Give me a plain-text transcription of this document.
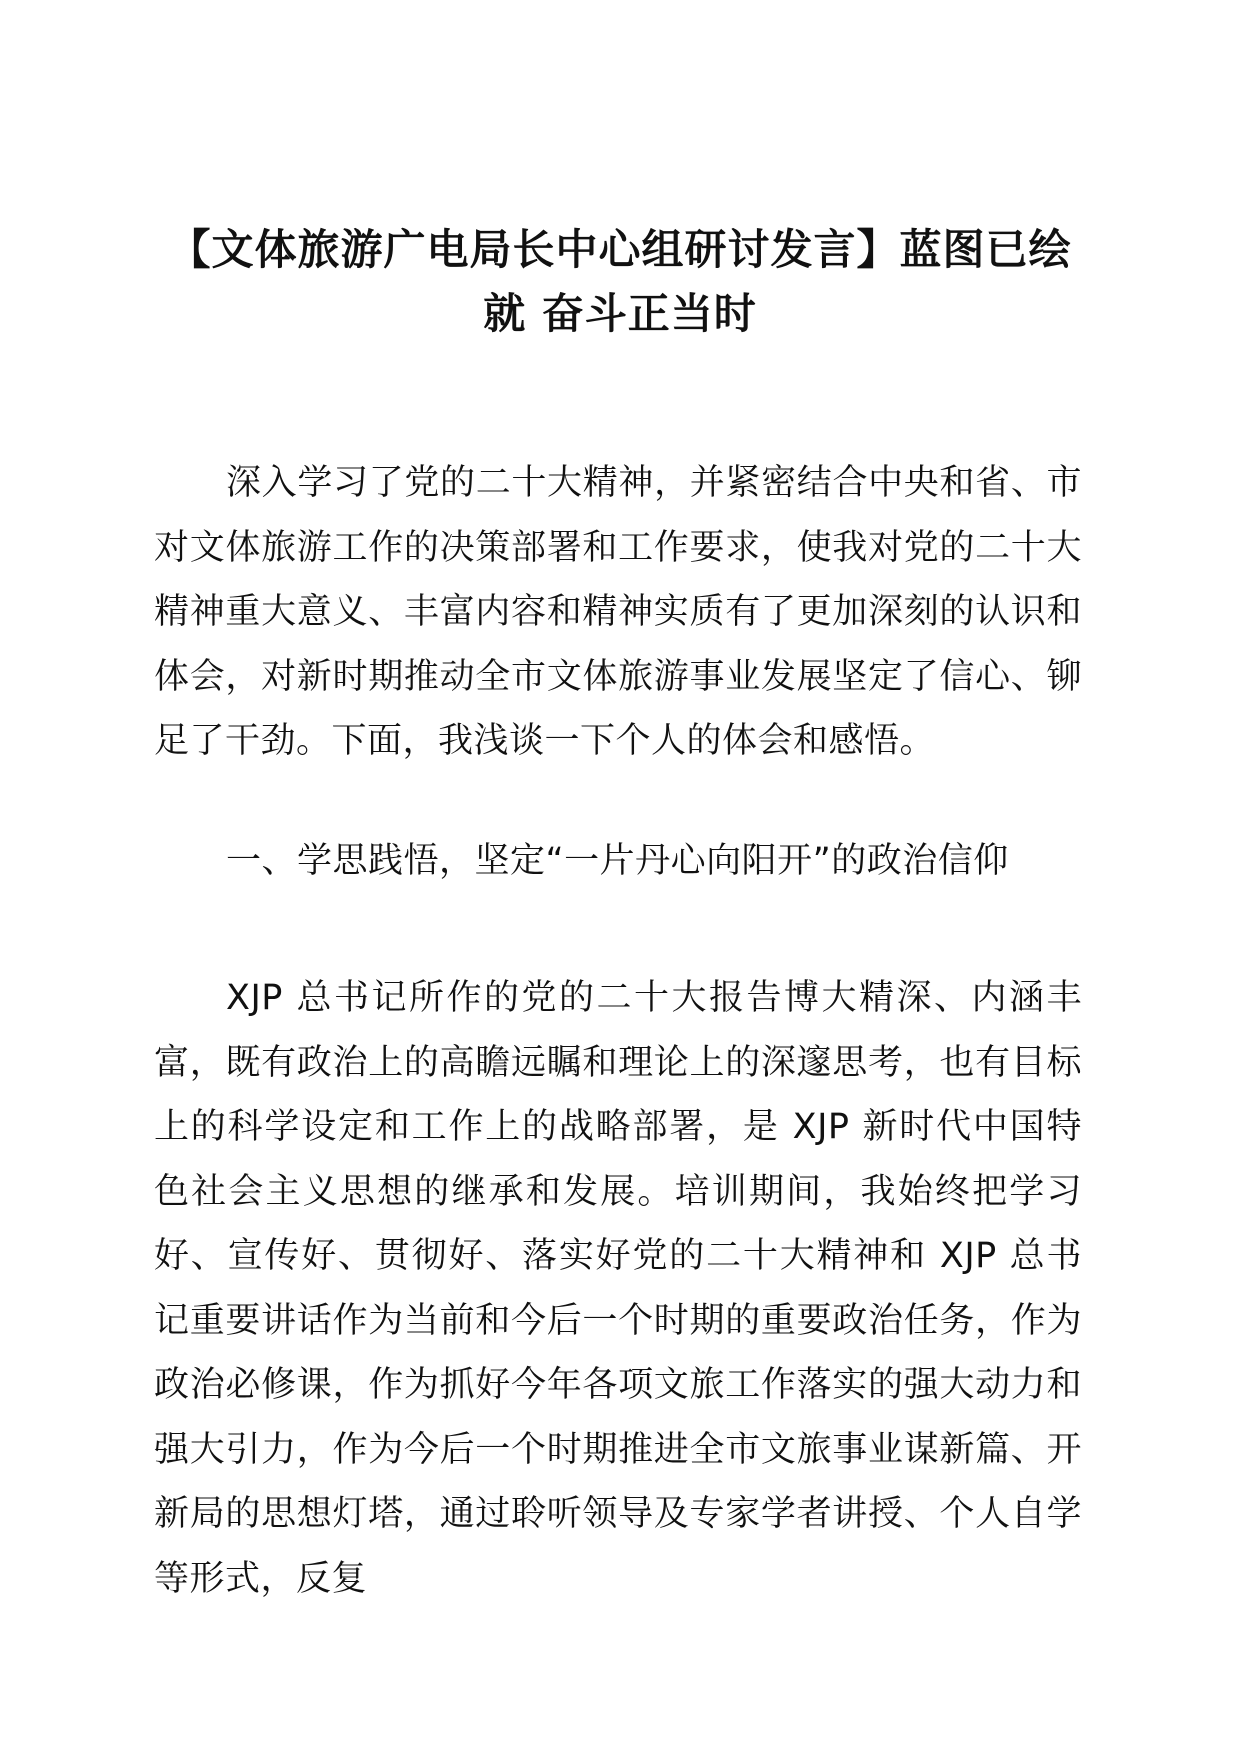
【文体旅游广电局长中心组研讨发言】蓝图已绘就 奋斗正当时

深入学习了党的二十大精神，并紧密结合中央和省、市对文体旅游工作的决策部署和工作要求，使我对党的二十大精神重大意义、丰富内容和精神实质有了更加深刻的认识和体会，对新时期推动全市文体旅游事业发展坚定了信心、铆足了干劲。下面，我浅谈一下个人的体会和感悟。

一、学思践悟，坚定“一片丹心向阳开”的政治信仰

XJP 总书记所作的党的二十大报告博大精深、内涵丰富，既有政治上的高瞻远瞩和理论上的深邃思考，也有目标上的科学设定和工作上的战略部署，是 XJP 新时代中国特色社会主义思想的继承和发展。培训期间，我始终把学习好、宣传好、贯彻好、落实好党的二十大精神和 XJP 总书记重要讲话作为当前和今后一个时期的重要政治任务，作为政治必修课，作为抓好今年各项文旅工作落实的强大动力和强大引力，作为今后一个时期推进全市文旅事业谋新篇、开新局的思想灯塔，通过聆听领导及专家学者讲授、个人自学等形式，反复
